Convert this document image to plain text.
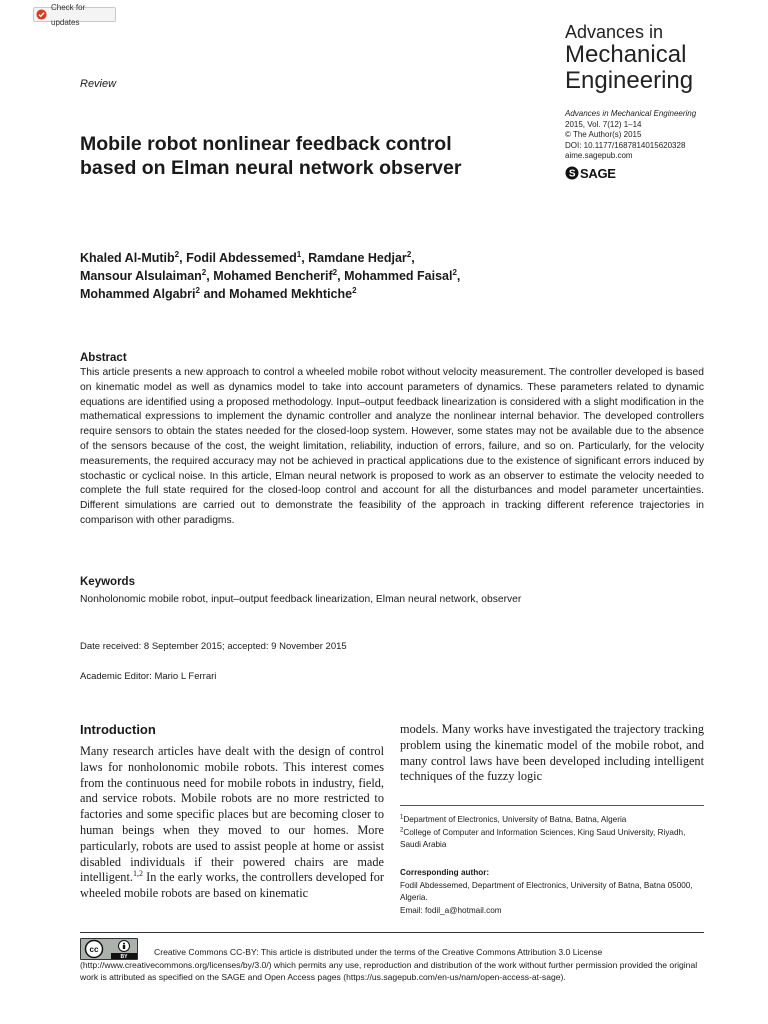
Check for updates	Advances in
Mechanical
Engineering
Advances in Mechanical Engineering
2015, Vol. 7(12) 1–14
© The Author(s) 2015
DOI: 10.1177/1687814015620328
aime.sagepub.com
S SAGE
Review
Mobile robot nonlinear feedback control based on Elman neural network observer

Khaled Al-Mutib$^2$, Fodil Abdessemed$^1$, Ramdane Hedjar$^2$,
Mansour Alsulaiman$^2$, Mohamed Bencherif$^2$, Mohammed Faisal$^2$,
Mohammed Algabri$^2$ and Mohamed Mekhtiche$^2$

Abstract

This article presents a new approach to control a wheeled mobile robot without velocity measurement. The controller developed is based on kinematic model as well as dynamics model to take into account parameters of dynamics. These parameters related to dynamic equations are identified using a proposed methodology. Input–output feedback linearization is considered with a slight modification in the mathematical expressions to implement the dynamic controller and analyze the nonlinear internal behavior. The developed controllers require sensors to obtain the states needed for the closed-loop system. However, some states may not be available due to the absence of the sensors because of the cost, the weight limitation, reliability, induction of errors, failure, and so on. Particularly, for the velocity measurements, the required accuracy may not be achieved in practical applications due to the existence of significant errors induced by stochastic or cyclical noise. In this article, Elman neural network is proposed to work as an observer to estimate the velocity needed to complete the full state required for the closed-loop control and account for all the disturbances and model parameter uncertainties. Different simulations are carried out to demonstrate the feasibility of the approach in tracking different reference trajectories in comparison with other paradigms.

Keywords

Nonholonomic mobile robot, input–output feedback linearization, Elman neural network, observer

Date received: 8 September 2015; accepted: 9 November 2015
Academic Editor: Mario L Ferrari
Introduction

Many research articles have dealt with the design of control laws for nonholonomic mobile robots. This interest comes from the continuous need for mobile robots in industry, field, and service robots. Mobile robots are no more restricted to factories and some specific places but are becoming closer to human beings when they moved to our homes. More particularly, robots are used to assist people at home or assist disabled individuals if their powered chairs are made intelligent.$^{1,2}$ In the early works, the controllers developed for wheeled mobile robots are based on kinematic

models. Many works have investigated the trajectory tracking problem using the kinematic model of the mobile robot, and many control laws have been developed including intelligent techniques of the fuzzy logic

$^1$Department of Electronics, University of Batna, Batna, Algeria
$^2$College of Computer and Information Sciences, King Saud University, Riyadh, Saudi Arabia
Corresponding author:
Fodil Abdessemed, Department of Electronics, University of Batna, Batna 05000, Algeria.
Email: fodil_a@hotmail.com
cc
BY	Creative Commons CC-BY: This article is distributed under the terms of the Creative Commons Attribution 3.0 License (http://www.creativecommons.org/licenses/by/3.0/) which permits any use, reproduction and distribution of the work without further permission provided the original work is attributed as specified on the SAGE and Open Access pages (https://us.sagepub.com/en-us/nam/open-access-at-sage).
